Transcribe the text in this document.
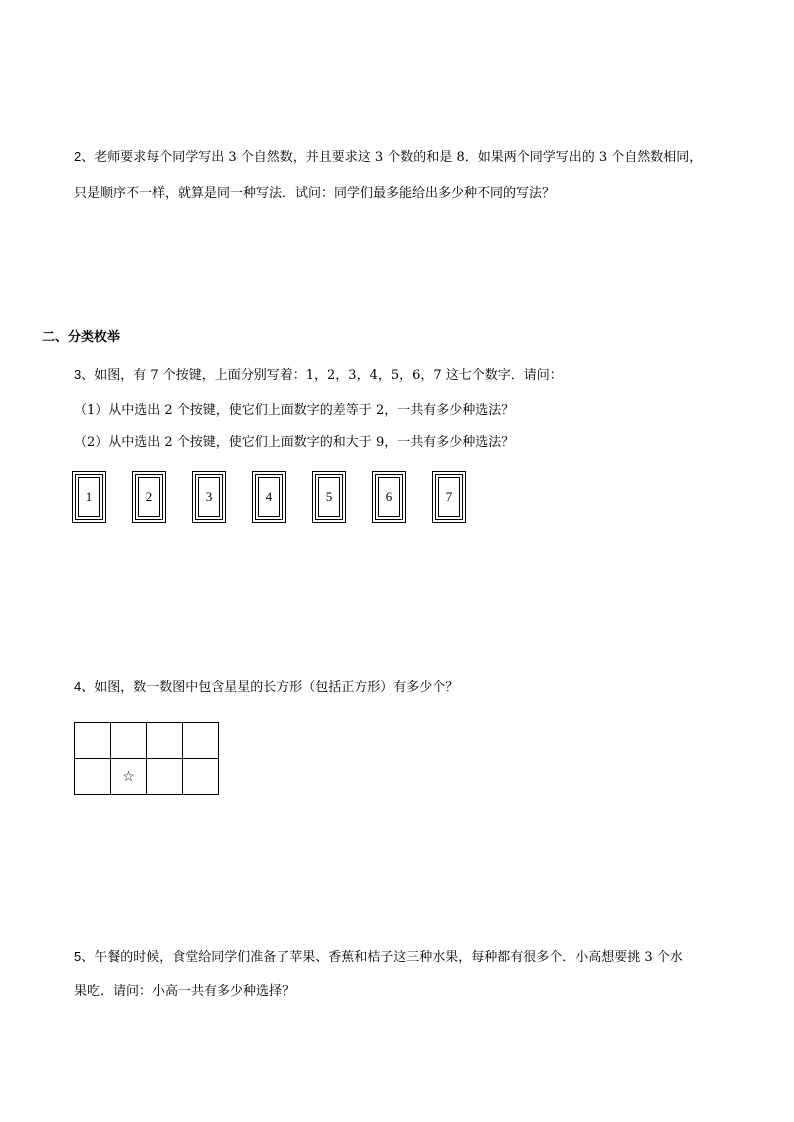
2、老师要求每个同学写出 3 个自然数，并且要求这 3 个数的和是 8．如果两个同学写出的 3 个自然数相同，
只是顺序不一样，就算是同一种写法．试问：同学们最多能给出多少种不同的写法？
二、分类枚举
3、如图，有 7 个按键，上面分别写着：1，2，3，4，5，6，7 这七个数字．请问：
（1）从中选出 2 个按键，使它们上面数字的差等于 2，一共有多少种选法？
（2）从中选出 2 个按键，使它们上面数字的和大于 9，一共有多少种选法？
1	2	3	4	5	6	7
4、如图，数一数图中包含星星的长方形（包括正方形）有多少个？

	☆		
5、午餐的时候，食堂给同学们准备了苹果、香蕉和桔子这三种水果，每种都有很多个．小高想要挑 3 个水
果吃．请问：小高一共有多少种选择？
